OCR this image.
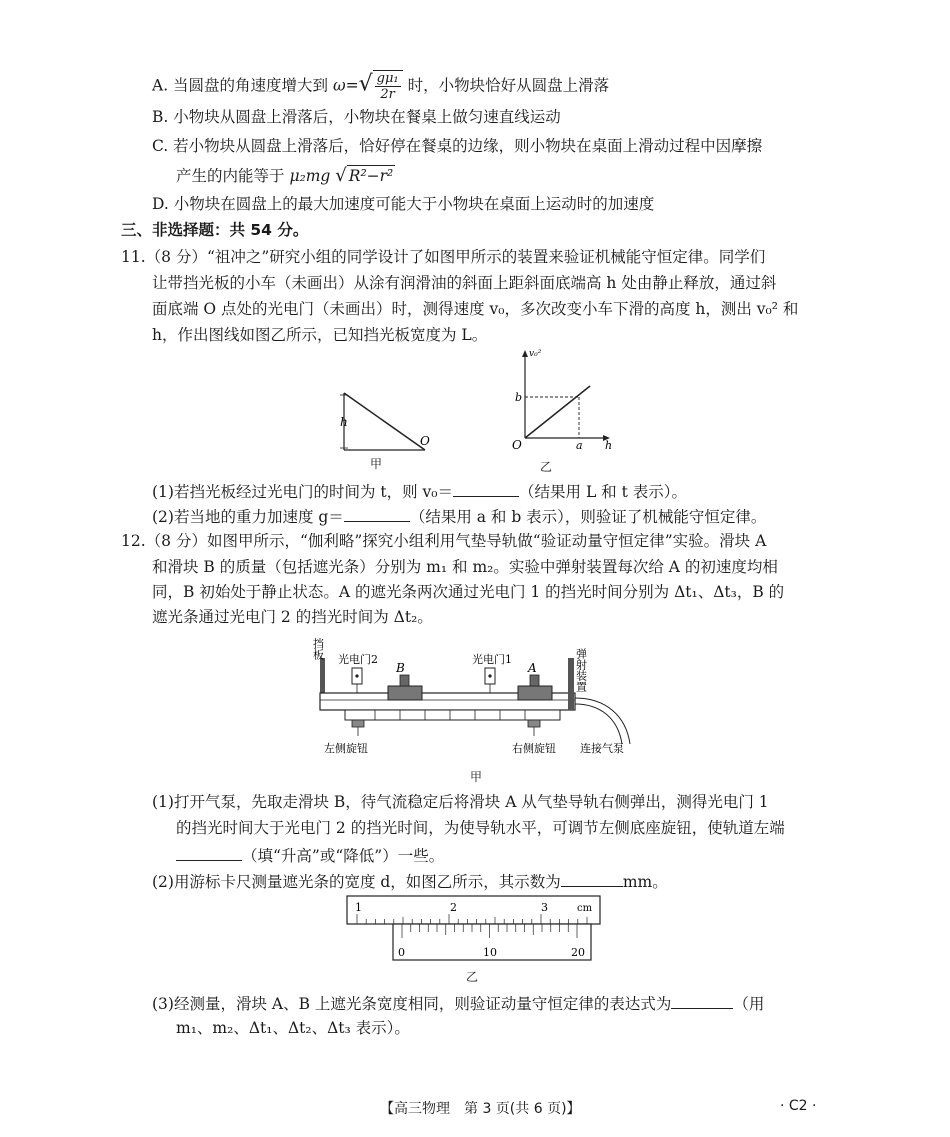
A. 当圆盘的角速度增大到 $\omega=√ \frac{\text{gμ₁}}{2r}$ 时，小物块恰好从圆盘上滑落
B. 小物块从圆盘上滑落后，小物块在餐桌上做匀速直线运动
C. 若小物块从圆盘上滑落后，恰好停在餐桌的边缘，则小物块在桌面上滑动过程中因摩擦
产生的内能等于 μ₂mg √ R²−r²
D. 小物块在圆盘上的最大加速度可能大于小物块在桌面上运动时的加速度
三、非选择题：共 54 分。
11.（8 分）“祖冲之”研究小组的同学设计了如图甲所示的装置来验证机械能守恒定律。同学们
让带挡光板的小车（未画出）从涂有润滑油的斜面上距斜面底端高 h 处由静止释放，通过斜
面底端 O 点处的光电门（未画出）时，测得速度 v₀，多次改变小车下滑的高度 h，测出 v₀² 和
h，作出图线如图乙所示，已知挡光板宽度为 L。
h
O
甲
v₀²
b
a
O	h
乙
(1)若挡光板经过光电门的时间为 t，则 v₀＝	（结果用 L 和 t 表示）。
(2)若当地的重力加速度 g＝	（结果用 a 和 b 表示），则验证了机械能守恒定律。
12.（8 分）如图甲所示，“伽利略”探究小组利用气垫导轨做“验证动量守恒定律”实验。滑块 A
和滑块 B 的质量（包括遮光条）分别为 m₁ 和 m₂。实验中弹射装置每次给 A 的初速度均相
同，B 初始处于静止状态。A 的遮光条两次通过光电门 1 的挡光时间分别为 Δt₁、Δt₃，B 的
遮光条通过光电门 2 的挡光时间为 Δt₂。
挡板 光电门2
B
光电门1
A	弹射装置
左侧旋钮	右侧旋钮 连接气泵
甲
(1)打开气泵，先取走滑块 B，待气流稳定后将滑块 A 从气垫导轨右侧弹出，测得光电门 1
的挡光时间大于光电门 2 的挡光时间，为使导轨水平，可调节左侧底座旋钮，使轨道左端
（填“升高”或“降低”）一些。
(2)用游标卡尺测量遮光条的宽度 d，如图乙所示，其示数为	mm。
1	2	3	cm
0	10	20
乙
(3)经测量，滑块 A、B 上遮光条宽度相同，则验证动量守恒定律的表达式为	（用
m₁、m₂、Δt₁、Δt₂、Δt₃ 表示）。
【高三物理　第 3 页(共 6 页)】	· C2 ·
